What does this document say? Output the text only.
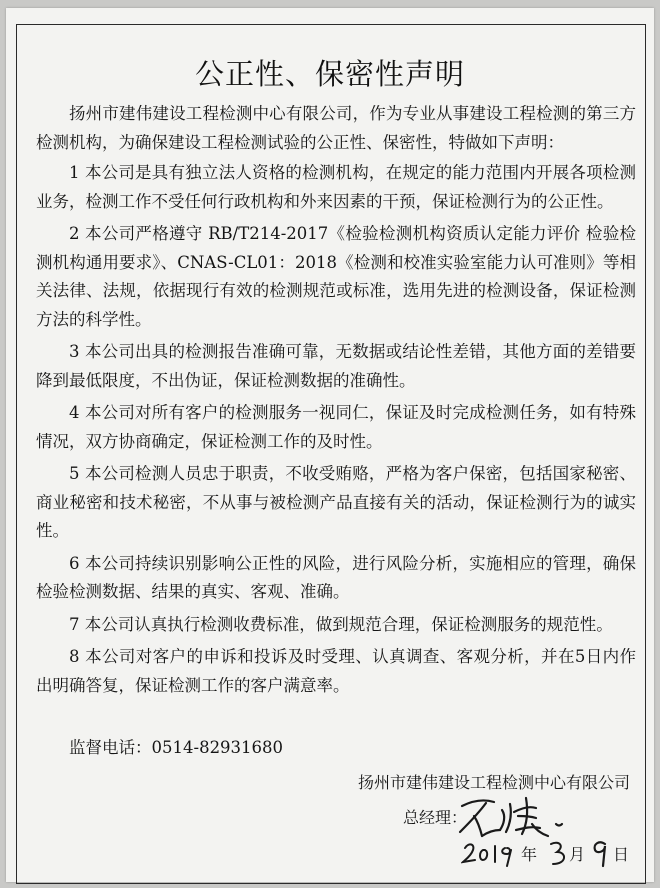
公正性、保密性声明

扬州市建伟建设工程检测中心有限公司，作为专业从事建设工程检测的第三方检测机构，为确保建设工程检测试验的公正性、保密性，特做如下声明：

1 本公司是具有独立法人资格的检测机构，在规定的能力范围内开展各项检测业务，检测工作不受任何行政机构和外来因素的干预，保证检测行为的公正性。

2 本公司严格遵守 RB/T214-2017《检验检测机构资质认定能力评价 检验检测机构通用要求》、CNAS-CL01：2018《检测和校准实验室能力认可准则》等相关法律、法规，依据现行有效的检测规范或标准，选用先进的检测设备，保证检测方法的科学性。

3 本公司出具的检测报告准确可靠，无数据或结论性差错，其他方面的差错要降到最低限度，不出伪证，保证检测数据的准确性。

4 本公司对所有客户的检测服务一视同仁，保证及时完成检测任务，如有特殊情况，双方协商确定，保证检测工作的及时性。

5 本公司检测人员忠于职责，不收受贿赂，严格为客户保密，包括国家秘密、商业秘密和技术秘密，不从事与被检测产品直接有关的活动，保证检测行为的诚实性。

6 本公司持续识别影响公正性的风险，进行风险分析，实施相应的管理，确保检验检测数据、结果的真实、客观、准确。

7 本公司认真执行检测收费标准，做到规范合理，保证检测服务的规范性。

8 本公司对客户的申诉和投诉及时受理、认真调查、客观分析，并在5日内作出明确答复，保证检测工作的客户满意率。

监督电话：0514-82931680
扬州市建伟建设工程检测中心有限公司
总经理：
年 月 日
